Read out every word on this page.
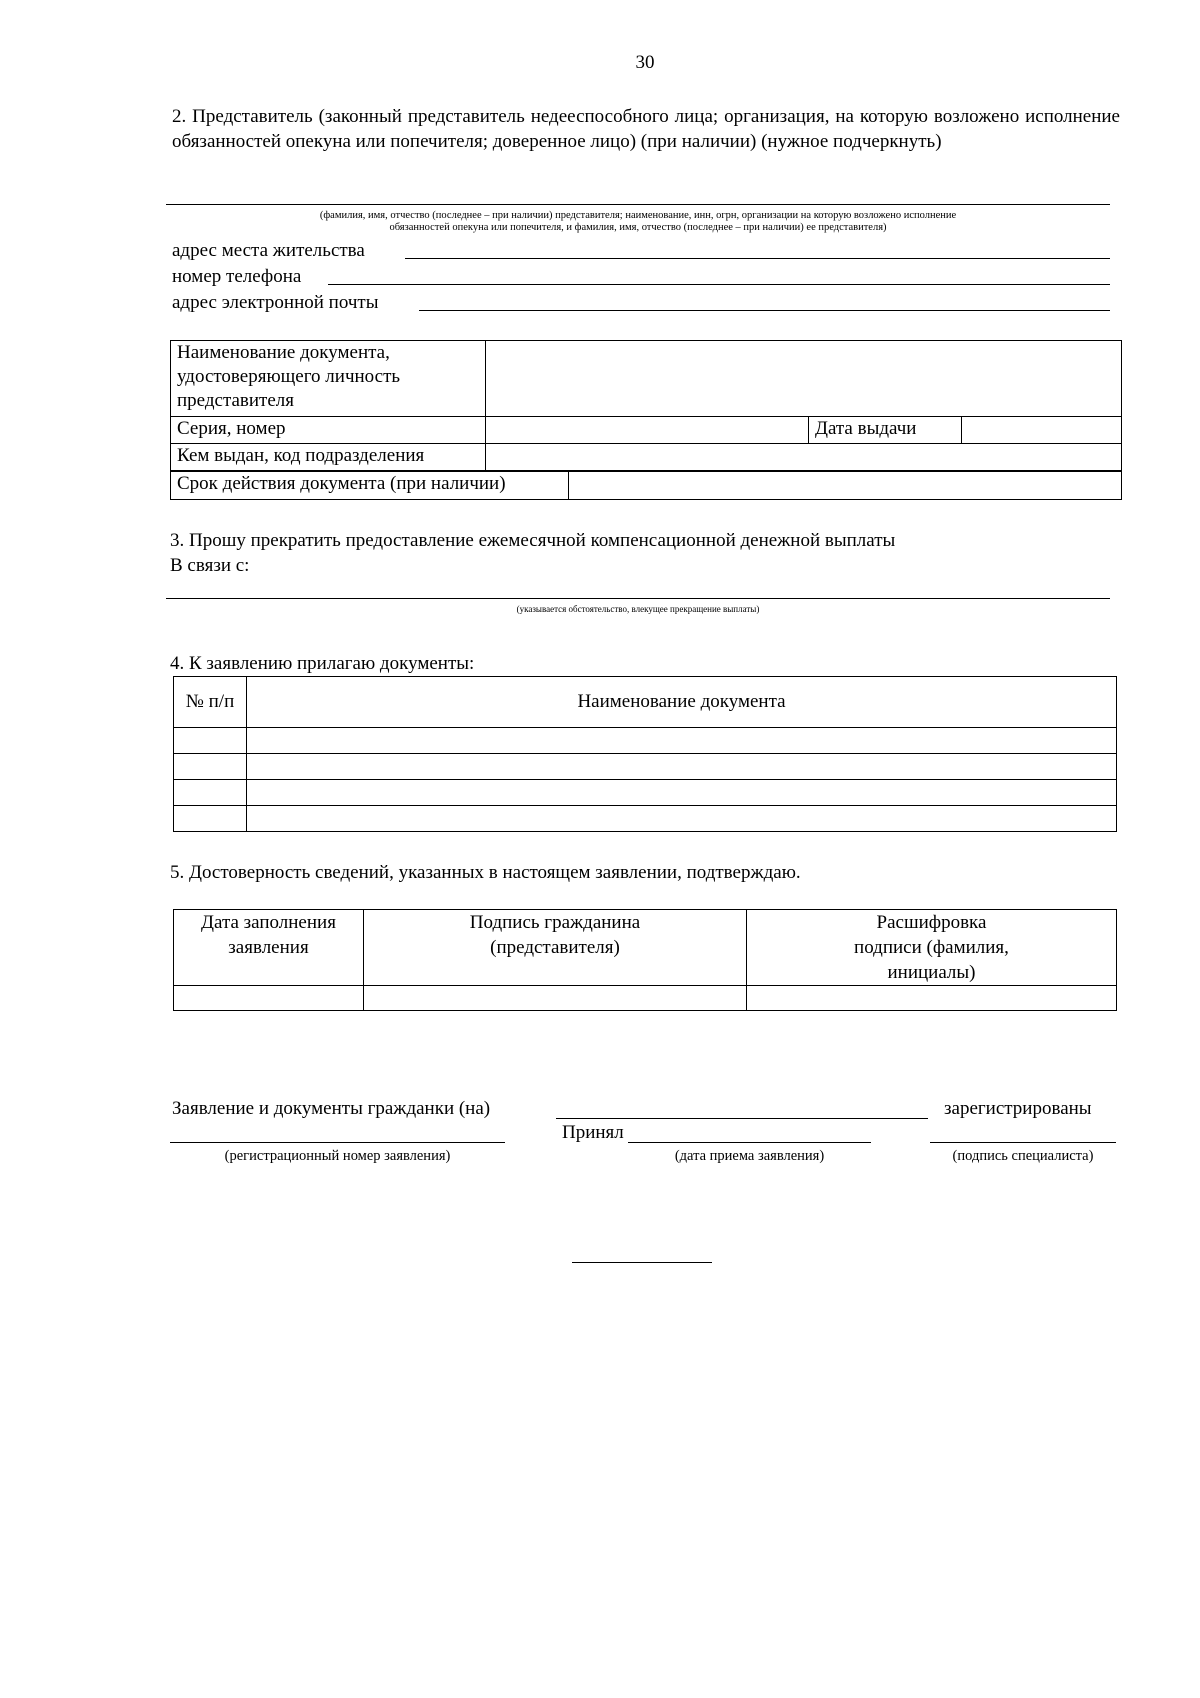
30
2. Представитель (законный представитель недееспособного лица; организация, на которую возложено исполнение обязанностей опекуна или попечителя; доверенное лицо) (при наличии) (нужное подчеркнуть)
(фамилия, имя, отчество (последнее – при наличии) представителя; наименование, инн, огрн, организации на которую возложено исполнение
обязанностей опекуна или попечителя, и фамилия, имя, отчество (последнее – при наличии) ее представителя)
адрес места жительства
номер телефона
адрес электронной почты
Наименование документа, удостоверяющего личность представителя			
Серия, номер		Дата выдачи	
Кем выдан, код подразделения			
Срок действия документа (при наличии)	
3. Прошу прекратить предоставление ежемесячной компенсационной денежной выплаты
В связи с:
(указывается обстоятельство, влекущее прекращение выплаты)
4. К заявлению прилагаю документы:
№ п/п	Наименование документа

5. Достоверность сведений, указанных в настоящем заявлении, подтверждаю.
Дата заполнения заявления	Подпись гражданина (представителя)	Расшифровка подписи (фамилия, инициалы)

Заявление и документы гражданки (на)	зарегистрированы
Принял
(регистрационный номер заявления)	(дата приема заявления)	(подпись специалиста)
